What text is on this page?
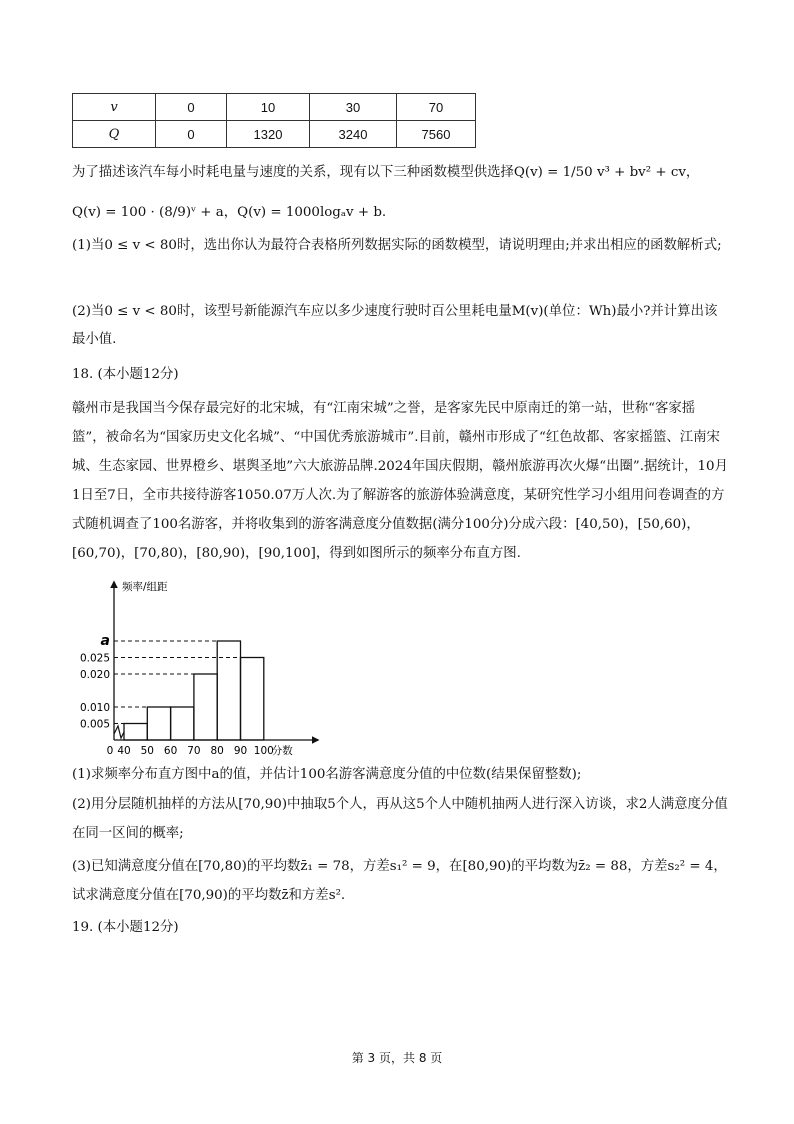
v	0	10	30	70
Q	0	1320	3240	7560
为了描述该汽车每小时耗电量与速度的关系，现有以下三种函数模型供选择Q(v) = 1/50 v³ + bv² + cv，
Q(v) = 100 · (8/9)ᵛ + a，Q(v) = 1000logₐv + b.
(1)当0 ≤ v < 80时，选出你认为最符合表格所列数据实际的函数模型，请说明理由;并求出相应的函数解析式;
(2)当0 ≤ v < 80时，该型号新能源汽车应以多少速度行驶时百公里耗电量M(v)(单位：Wh)最小?并计算出该最小值.
18. (本小题12分)
赣州市是我国当今保存最完好的北宋城，有“江南宋城”之誉，是客家先民中原南迁的第一站，世称“客家摇篮”，被命名为“国家历史文化名城”、“中国优秀旅游城市”.目前，赣州市形成了“红色故都、客家摇篮、江南宋城、生态家园、世界橙乡、堪舆圣地”六大旅游品牌.2024年国庆假期，赣州旅游再次火爆“出圈”.据统计，10月1日至7日，全市共接待游客1050.07万人次.为了解游客的旅游体验满意度，某研究性学习小组用问卷调查的方式随机调查了100名游客，并将收集到的游客满意度分值数据(满分100分)分成六段：[40,50)，[50,60)，[60,70)，[70,80)，[80,90)，[90,100]，得到如图所示的频率分布直方图.
a
0.025
0.020
0.010
0.005
0 40 50 60 70 80 90 100
频率/组距
分数
(1)求频率分布直方图中a的值，并估计100名游客满意度分值的中位数(结果保留整数);
(2)用分层随机抽样的方法从[70,90)中抽取5个人，再从这5个人中随机抽两人进行深入访谈，求2人满意度分值在同一区间的概率;
(3)已知满意度分值在[70,80)的平均数z̄₁ = 78，方差s₁² = 9，在[80,90)的平均数为z̄₂ = 88，方差s₂² = 4，试求满意度分值在[70,90)的平均数z̄和方差s².
19. (本小题12分)
第 3 页，共 8 页
